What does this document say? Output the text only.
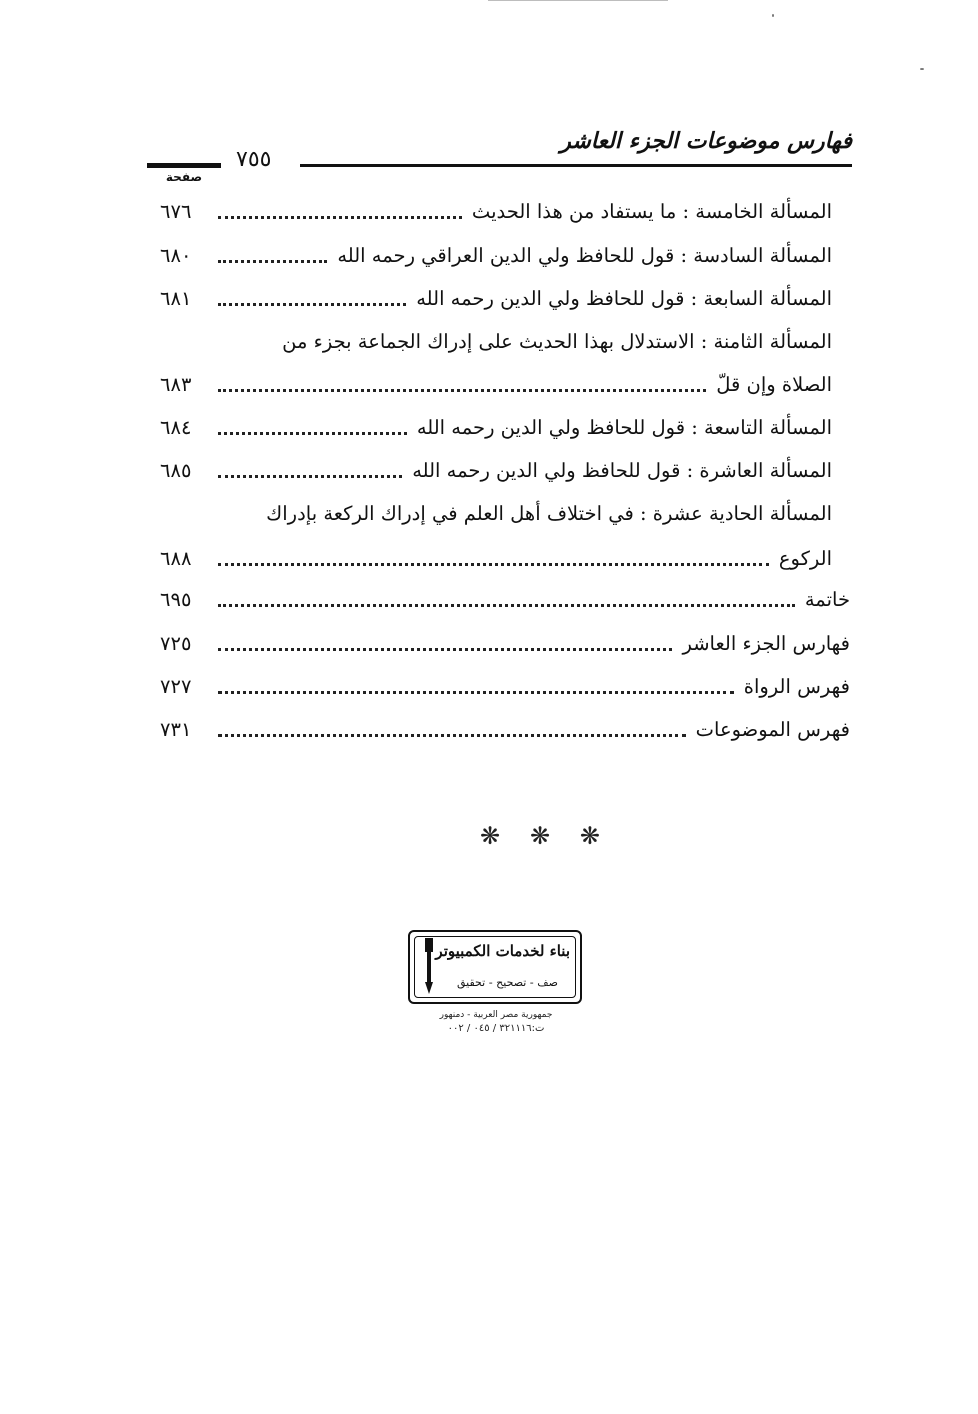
فهارس موضوعات الجزء العاشر
٧٥٥
صفحة
المسألة الخامسة : ما يستفاد من هذا الحديث
٦٧٦
المسألة السادسة : قول للحافظ ولي الدين العراقي رحمه الله
٦٨٠
المسألة السابعة : قول للحافظ ولي الدين رحمه الله
٦٨١
المسألة الثامنة : الاستدلال بهذا الحديث على إدراك الجماعة بجزء من
الصلاة وإن قلّ
٦٨٣
المسألة التاسعة : قول للحافظ ولي الدين رحمه الله
٦٨٤
المسألة العاشرة : قول للحافظ ولي الدين رحمه الله
٦٨٥
المسألة الحادية عشرة : في اختلاف أهل العلم في إدراك الركعة بإدراك
الركوع
٦٨٨
خاتمة
٦٩٥
فهارس الجزء العاشر
٧٢٥
فهرس الرواة
٧٢٧
فهرس الموضوعات
٧٣١
❋ ❋ ❋
بناء لخدمات الكمبيوتر
صف - تصحيح - تحقيق
جمهورية مصر العربية - دمنهور
ت:٣٢١١١٦ / ٠٤٥ / ٠٠٢
